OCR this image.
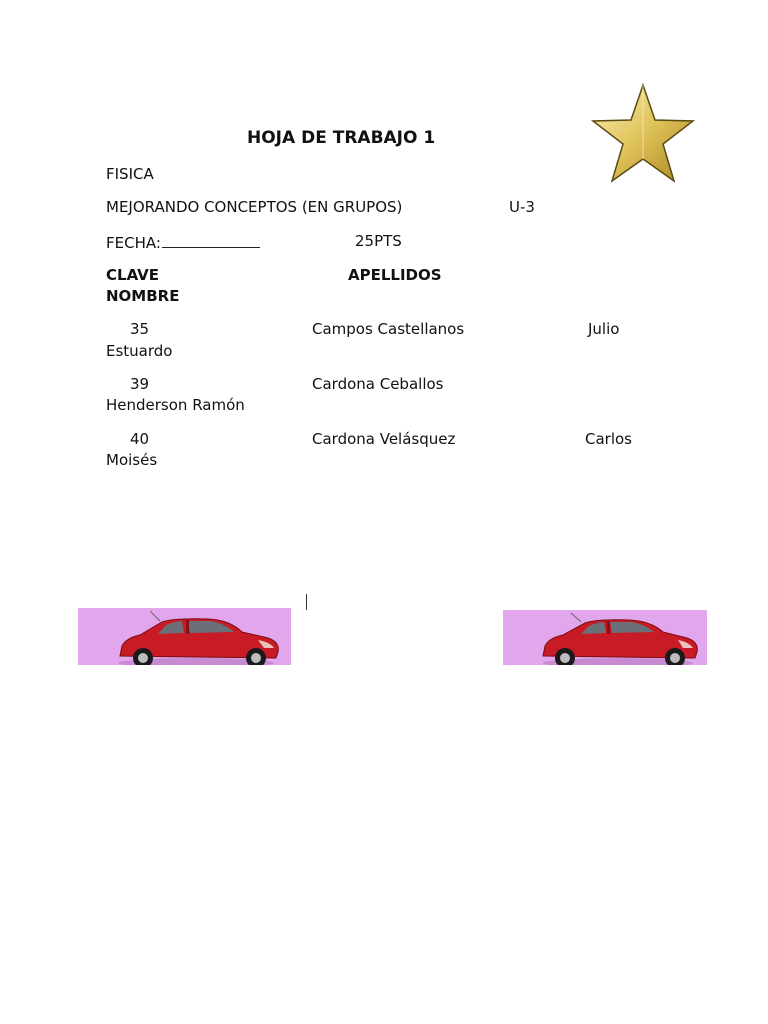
HOJA DE TRABAJO 1
FISICA
MEJORANDO CONCEPTOS (EN GRUPOS)	U-3
FECHA:	25PTS
CLAVE	APELLIDOS
NOMBRE
35	Campos Castellanos	Julio
Estuardo
39	Cardona Ceballos
Henderson Ramón
40	Cardona Velásquez	Carlos
Moisés
